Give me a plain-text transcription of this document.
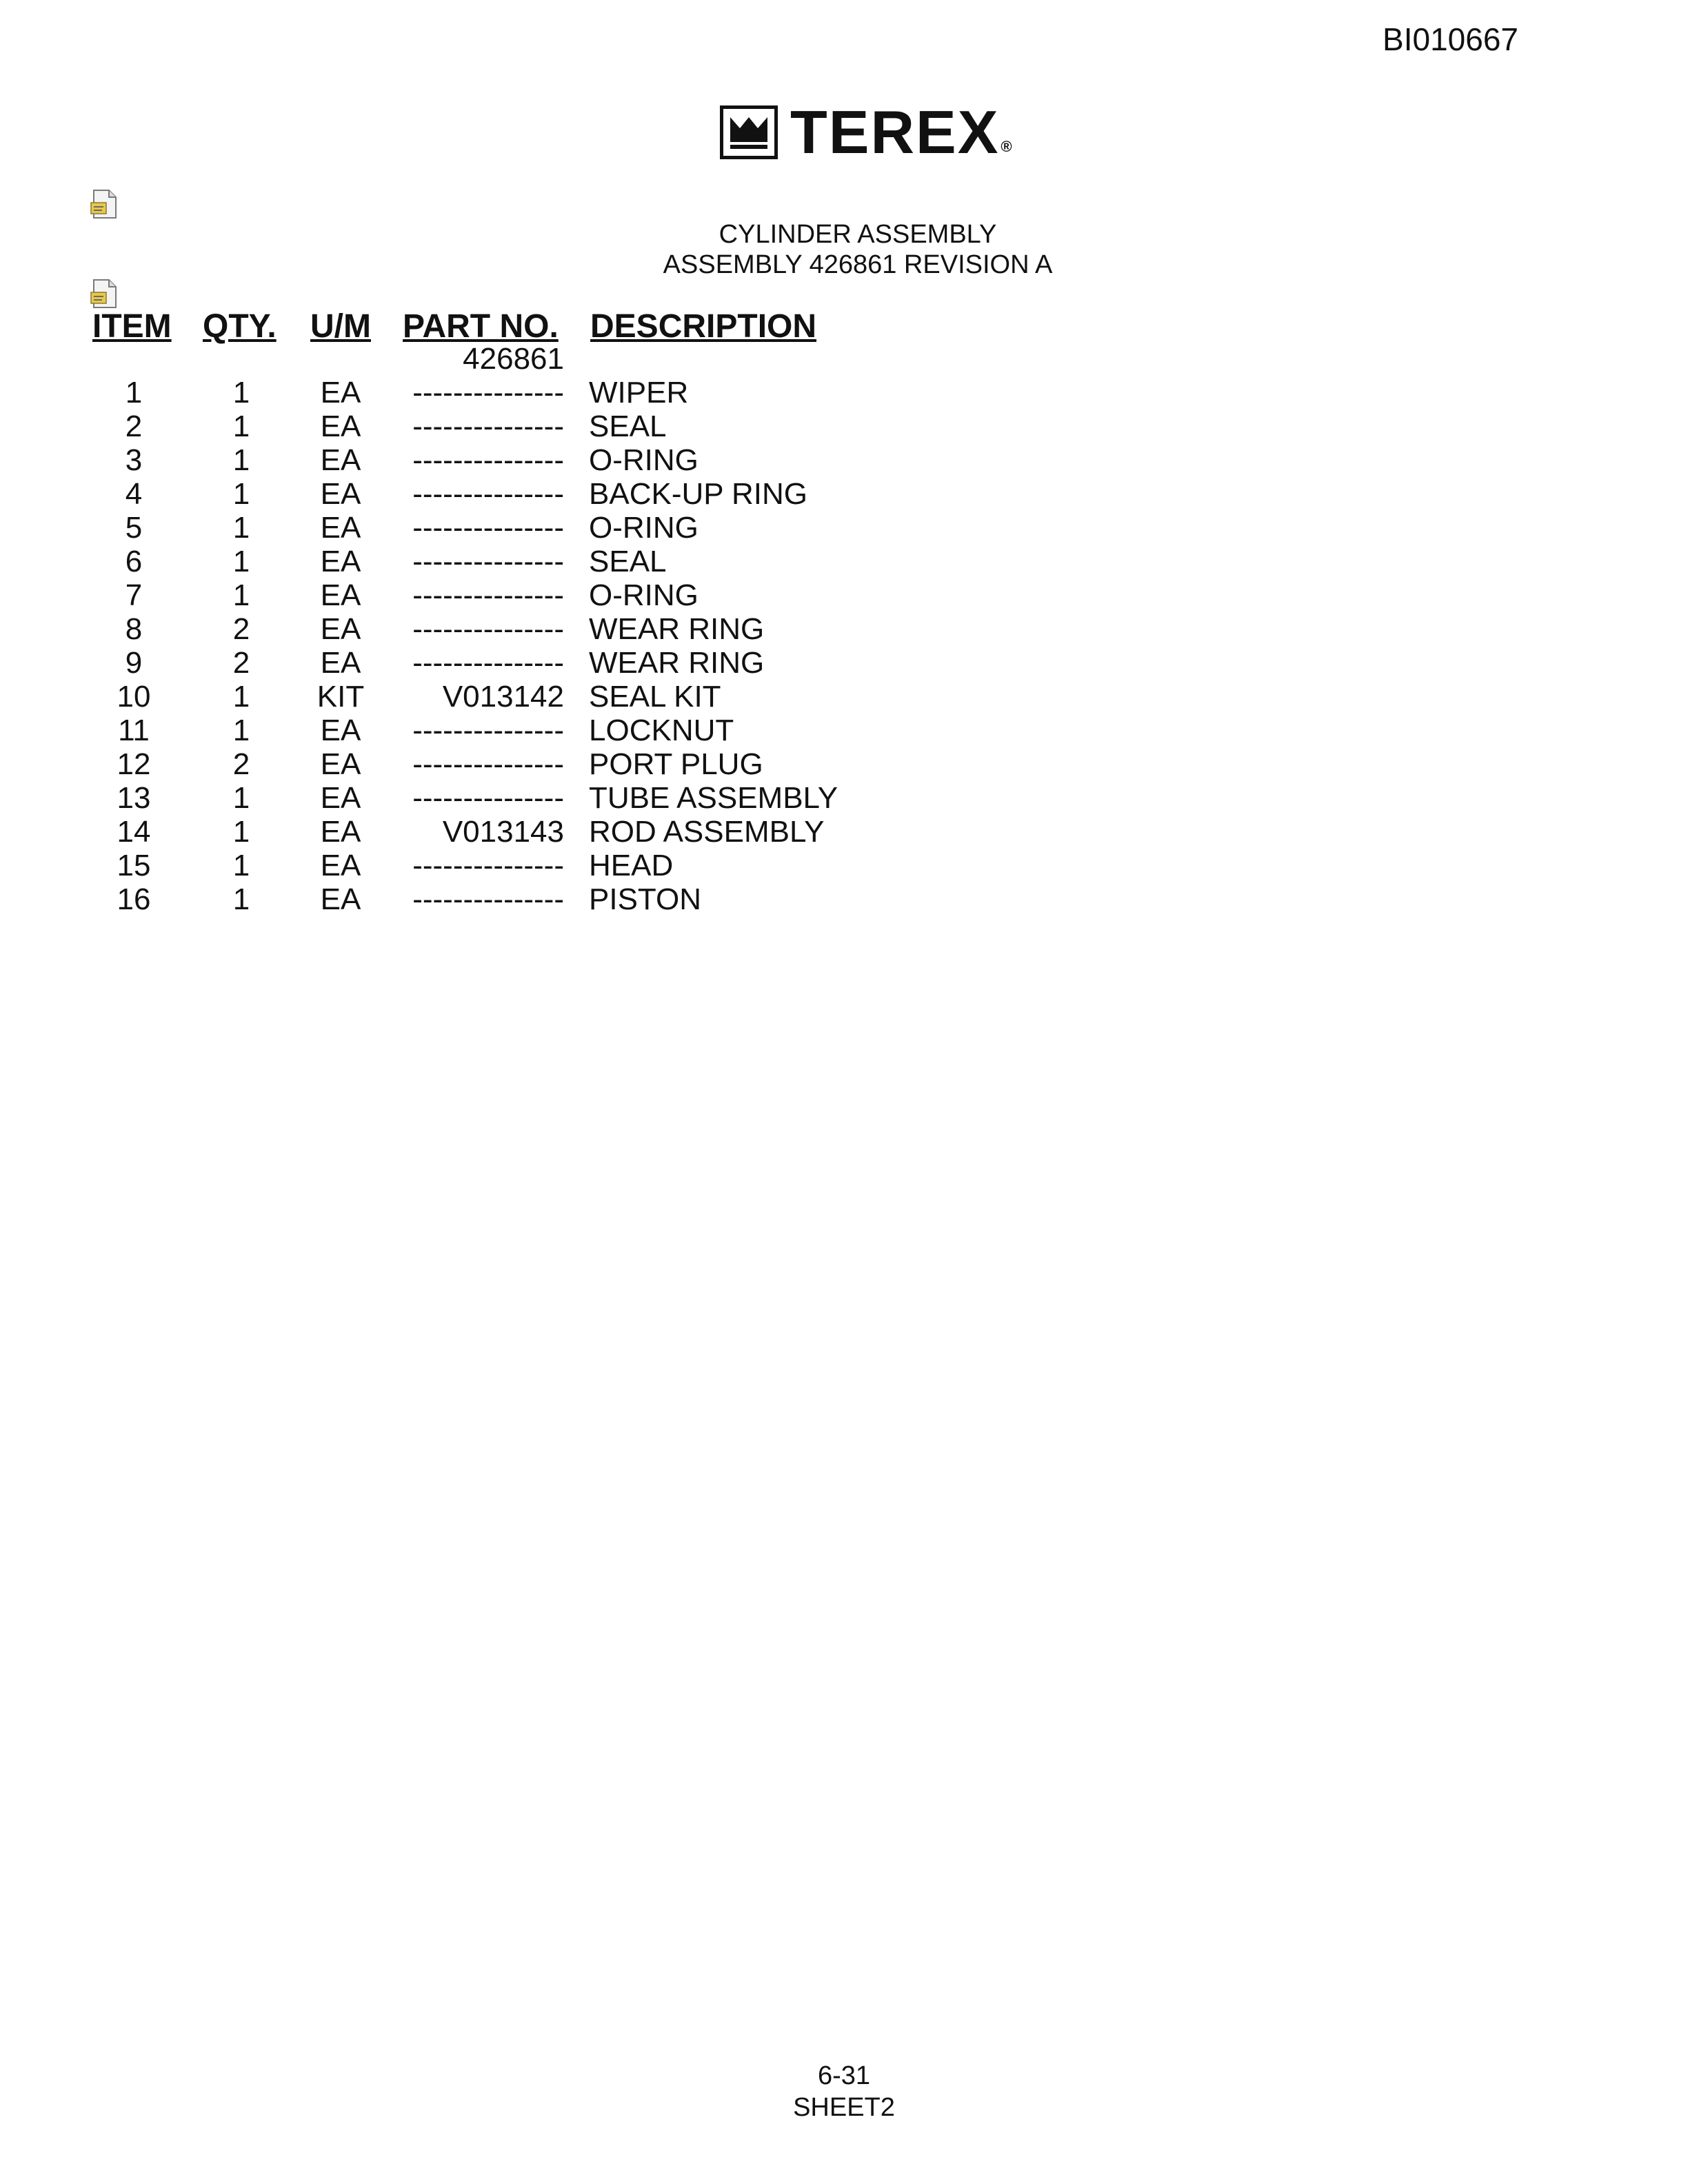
BI010667
TEREX ®
CYLINDER ASSEMBLY
ASSEMBLY 426861 REVISION A
ITEM QTY. U/M PART NO. DESCRIPTION
426861
1	1	EA	--------------- WIPER
2	1	EA	--------------- SEAL
3	1	EA	--------------- O-RING
4	1	EA	--------------- BACK-UP RING
5	1	EA	--------------- O-RING
6	1	EA	--------------- SEAL
7	1	EA	--------------- O-RING
8	2	EA	--------------- WEAR RING
9	2	EA	--------------- WEAR RING
10	1	KIT	V013142 SEAL KIT
11	1	EA	--------------- LOCKNUT
12	2	EA	--------------- PORT PLUG
13	1	EA	--------------- TUBE ASSEMBLY
14	1	EA	V013143 ROD ASSEMBLY
15	1	EA	--------------- HEAD
16	1	EA	--------------- PISTON
6-31
SHEET2
